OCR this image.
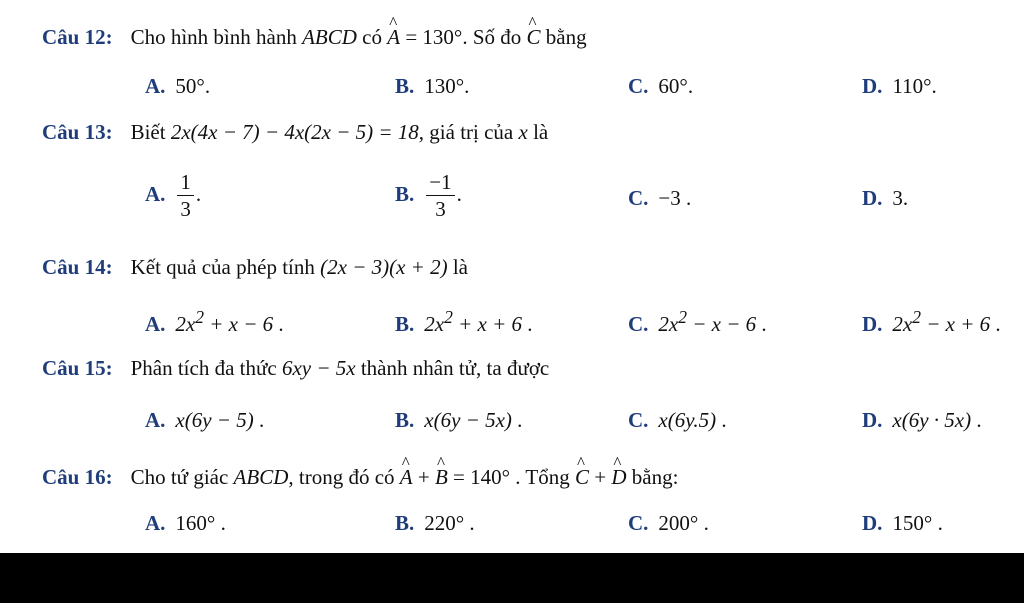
Câu 12: Cho hình bình hành ABCD có ^ A = 130°. Số đo ^ C bằng
A. 50°.	B. 130°.	C. 60°.	D. 110°.
Câu 13: Biết 2x(4x − 7) − 4x(2x − 5) = 18, giá trị của x là
A. $\frac{1}{3}$ .	B. $\frac{-1}{3}$ .	C. −3 .	D. 3.
Câu 14: Kết quả của phép tính (2x − 3)(x + 2) là
A. $2x^2 + x - 6$ .	B. $2x^2 + x + 6$ .	C. $2x^2 - x - 6$ .	D. $2x^2 - x + 6$ .
Câu 15: Phân tích đa thức 6xy − 5x thành nhân tử, ta được
A. x(6y − 5) .	B. x(6y − 5x) .	C. x(6y.5) .	D. x(6y · 5x) .
Câu 16: Cho tứ giác ABCD, trong đó có ^ A + ^ B = 140° . Tổng ^ C + ^ D bằng:
A. 160° .	B. 220° .	C. 200° .	D. 150° .
